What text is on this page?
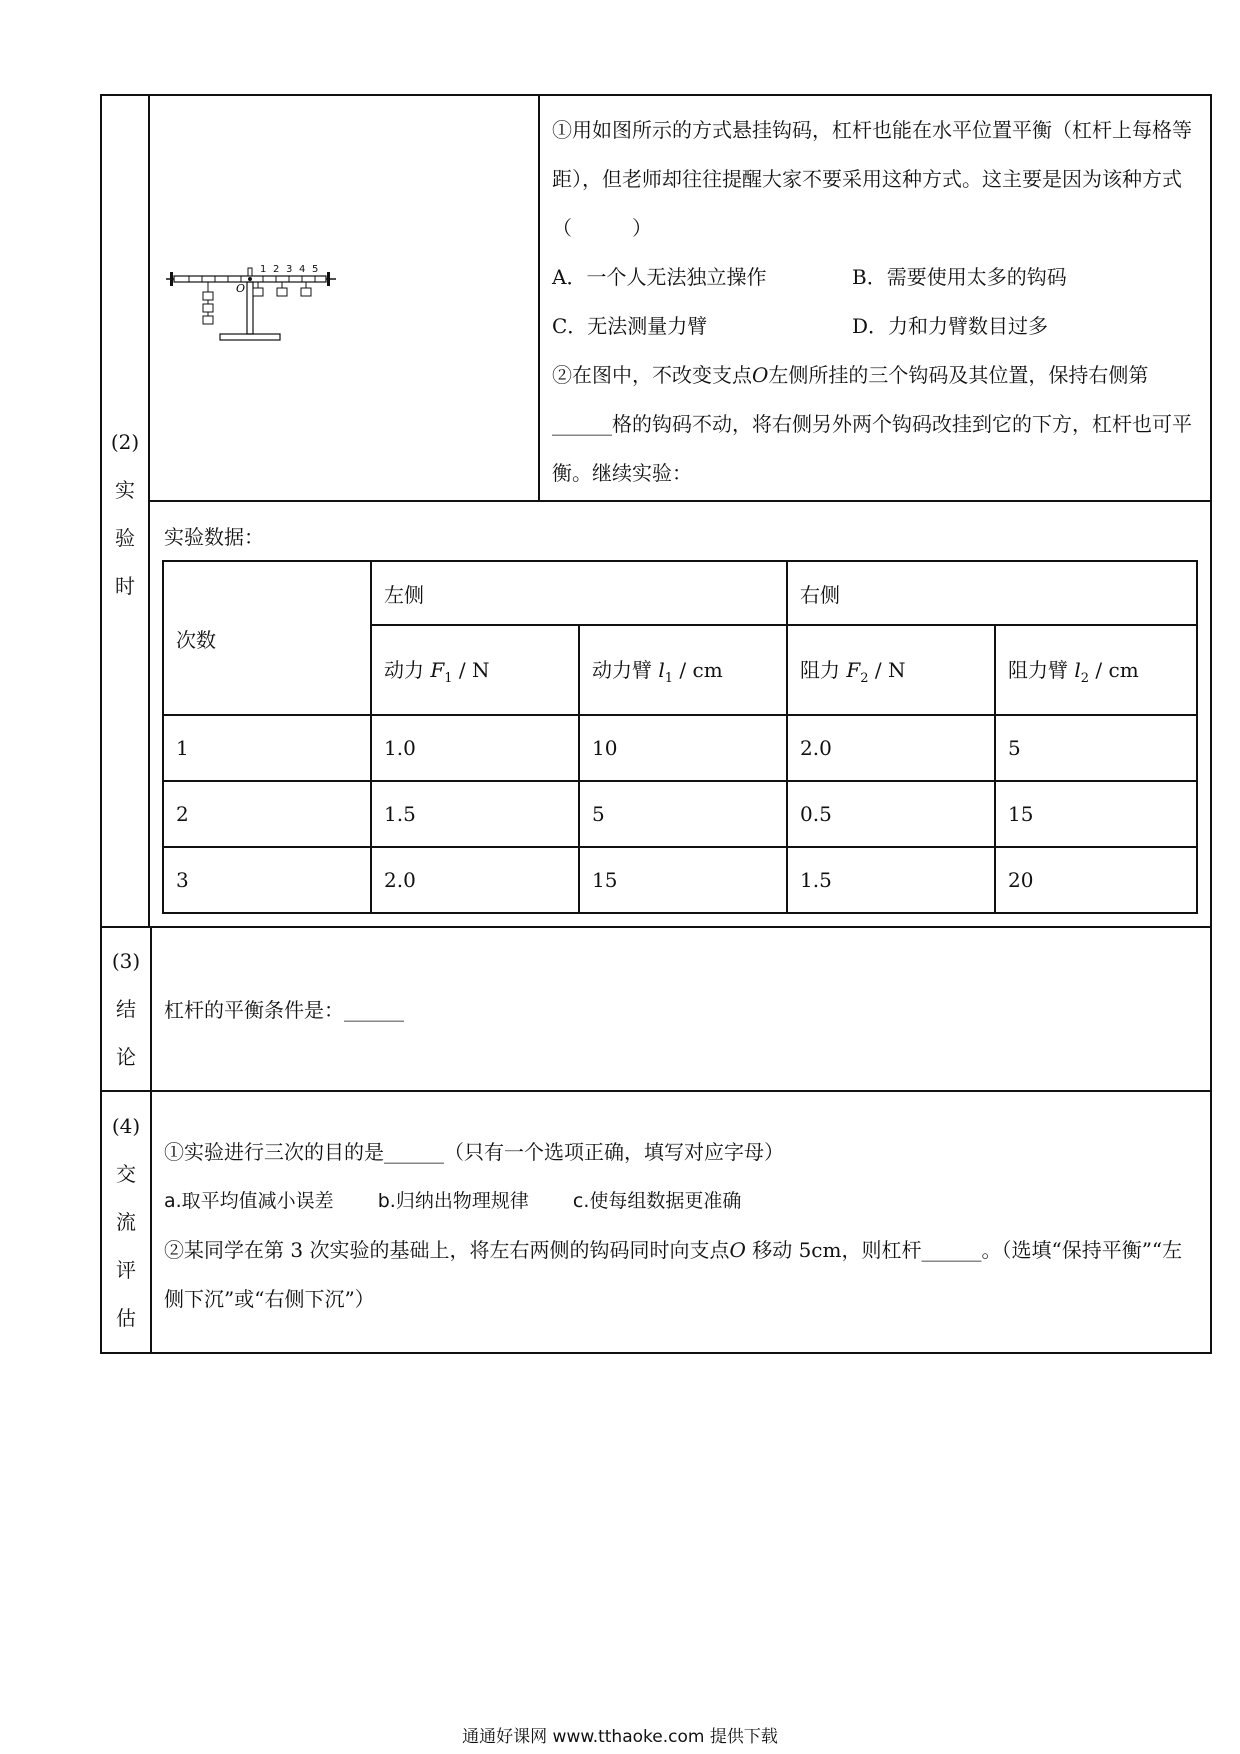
(2)
实
验
时
O
1 2 3 4 5

①用如图所示的方式悬挂钩码，杠杆也能在水平位置平衡（杠杆上每格等距），但老师却往往提醒大家不要采用这种方式。这主要是因为该种方式（　　　）

A．一个人无法独立操作	B．需要使用太多的钩码
C．无法测量力臂	D．力和力臂数目过多

②在图中，不改变支点O左侧所挂的三个钩码及其位置，保持右侧第______格的钩码不动，将右侧另外两个钩码改挂到它的下方，杠杆也可平衡。继续实验：

实验数据：

次数	左侧		右侧	
	动力 $F_1$ / N	动力臂 $l_1$ / cm	阻力 $F_2$ / N	阻力臂 $l_2$ / cm
1	1.0	10	2.0	5
2	1.5	5	0.5	15
3	2.0	15	1.5	20
(3)
结
论
杠杆的平衡条件是：______
(4)
交
流
评
估

①实验进行三次的目的是______（只有一个选项正确，填写对应字母）

a.取平均值减小误差 b.归纳出物理规律 c.使每组数据更准确

②某同学在第 3 次实验的基础上，将左右两侧的钩码同时向支点O 移动 5cm，则杠杆______。（选填“保持平衡”“左侧下沉”或“右侧下沉”）

通通好课网 www.tthaoke.com 提供下载
